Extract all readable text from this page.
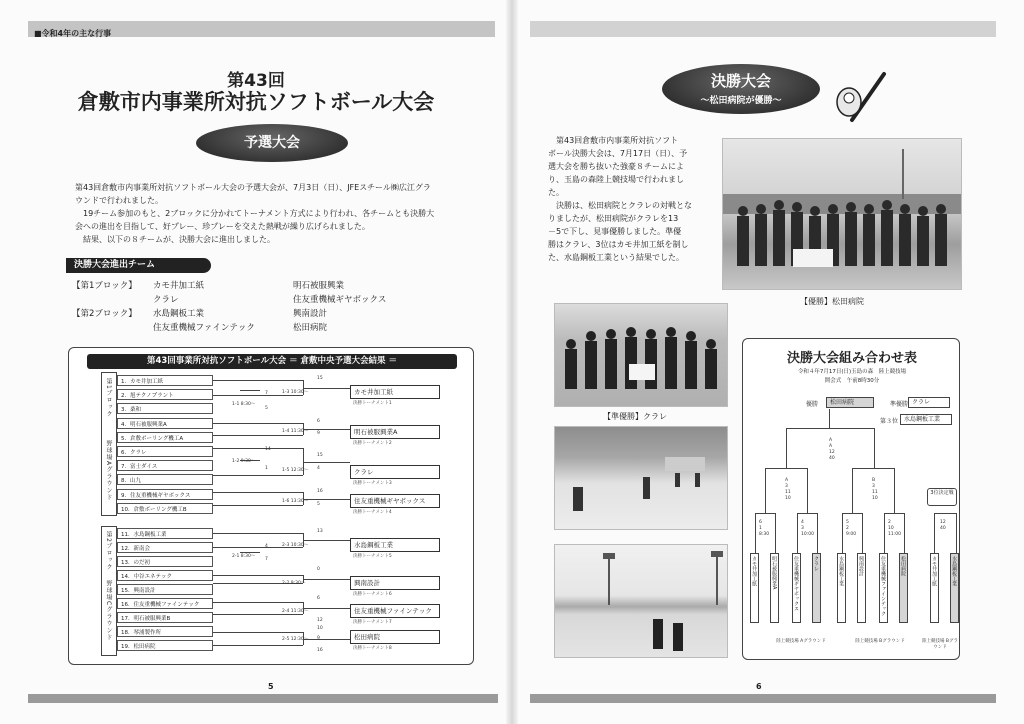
■令和4年の主な行事
第43回
倉敷市内事業所対抗ソフトボール大会
予選大会
第43回倉敷市内事業所対抗ソフトボール大会の予選大会が、7月3日（日）、JFEスチール㈱広江グラ
ウンドで行われました。
19チーム参加のもと、2ブロックに分かれてトーナメント方式により行われ、各チームとも決勝大
会への進出を目指して、好プレー、珍プレーを交えた熱戦が繰り広げられました。
結果、以下の８チームが、決勝大会に進出しました。
決勝大会進出チーム
【第1ブロック】 カモ井加工紙	明石被服興業
クラレ	住友重機械ギヤボックス
【第2ブロック】 水島鋼板工業	興南設計
住友重機械ファインテック	松田病院
第43回事業所対抗ソフトボール大会 ＝ 倉敷中央予選大会結果 ＝
第1ブロック
野球場Aグラウンド
第2ブロック
野球場Cグラウンド
1．カモ井加工紙
2．旭テクノプラント
3．桑和
4．明石被服興業A
5．倉敷ボーリング機工A
6．クラレ
7．富士ダイス
8．山九
9．住友重機械ギヤボックス
10．倉敷ボーリング機工B
11．水島鋼板工業
12．新南会
13．のだ初
14．中谷エネテック
15．興南設計
16．住友重機械ファインテック
17．明石被服興業B
18．琴浦製作所
19．松田病院
カモ井加工紙
決勝トーナメント1
明石被服興業A
決勝トーナメント2
クラレ
決勝トーナメント3
住友重機械ギヤボックス
決勝トーナメント4
水島鋼板工業
決勝トーナメント5
興南設計
決勝トーナメント6
住友重機械ファインテック
決勝トーナメント7
松田病院
決勝トーナメント8
1-3 10:30～
1-1 8:30～
1-4 11:30～
1-2 9:30～
1-5 12:30～
1-6 13:30～
2-3 10:30～
2-1 8:30～
2-2 9:30～
2-4 11:30～
2-5 12:30～
15
7
5
6
9
14
1
15
4
16
5
13
4
7
0
6
12
10
9
16
5
決勝大会
～松田病院が優勝～
第43回倉敷市内事業所対抗ソフト
ボール決勝大会は、7月17日（日）、予
選大会を勝ち抜いた強豪８チームによ
り、玉島の森陸上競技場で行われまし
た。
決勝は、松田病院とクラレの対戦とな
りましたが、松田病院がクラレを13
－5で下し、見事優勝しました。準優
勝はクラレ、3位はカモ井加工紙を制し
た、水島鋼板工業という結果でした。
【優勝】松田病院
【準優勝】クラレ
決勝大会組み合わせ表
令和４年7月17日(日)玉島の森　陸上競技場
開会式　午前8時30分
優勝	松田病院	準優勝 クラレ
第３位 水島鋼板工業
6
1
8:30
4
3
10:00
5
2
9:00
2
10
11:00
12
40
A
A
12
40
A
3
11
10
B
3
11
10
カモ井加工紙	明石被服興業A	住友重機械ギヤボックス	クラレ	水島鋼板工業	興南設計	住友重機械ファインテック	松田病院	カモ井加工紙	水島鋼板工業
3位決定戦
陸上競技場 Aグラウンド	陸上競技場 Bグラウンド	陸上競技場 Bグラウンド
6
